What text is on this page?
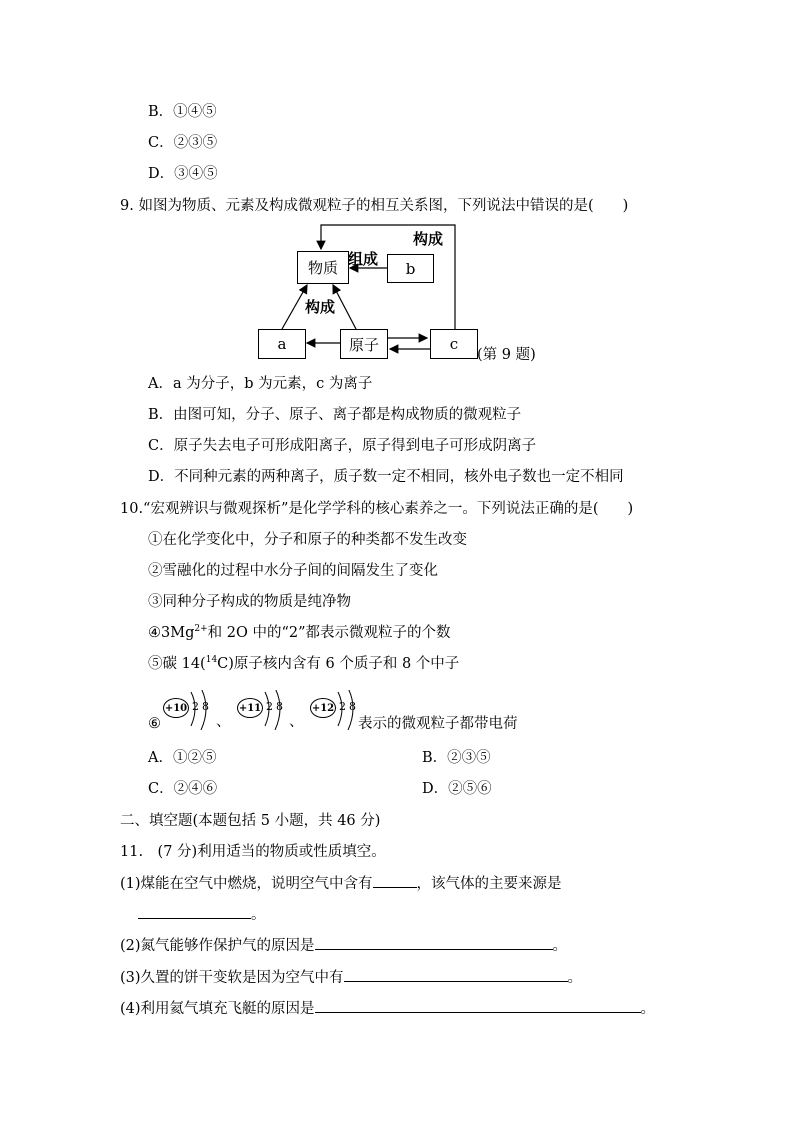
B．①④⑤
C．②③⑤
D．③④⑤
9. 如图为物质、元素及构成微观粒子的相互关系图，下列说法中错误的是(　　)
物质	b
a	原子	c
构成
组成
构成
(第 9 题)
A．a 为分子，b 为元素，c 为离子
B．由图可知，分子、原子、离子都是构成物质的微观粒子
C．原子失去电子可形成阳离子，原子得到电子可形成阴离子
D．不同种元素的两种离子，质子数一定不相同，核外电子数也一定不相同
10.“宏观辨识与微观探析”是化学学科的核心素养之一。下列说法正确的是(　　)
①在化学变化中，分子和原子的种类都不发生改变
②雪融化的过程中水分子间的间隔发生了变化
③同种分子构成的物质是纯净物
$④3Mg^{2+}$和 2O 中的“2”都表示微观粒子的个数
⑤碳 14($^{14}$C)原子核内含有 6 个质子和 8 个中子
⑥
+10 2 8
、
+11 2 8
、
+12 2 8
表示的微观粒子都带电荷
A．①②⑤	B．②③⑤
C．②④⑥	D．②⑤⑥
二、填空题(本题包括 5 小题，共 46 分)
11.　(7 分)利用适当的物质或性质填空。
(1)煤能在空气中燃烧，说明空气中含有	，该气体的主要来源是
。
(2)氮气能够作保护气的原因是	。
(3)久置的饼干变软是因为空气中有	。
(4)利用氦气填充飞艇的原因是	。
